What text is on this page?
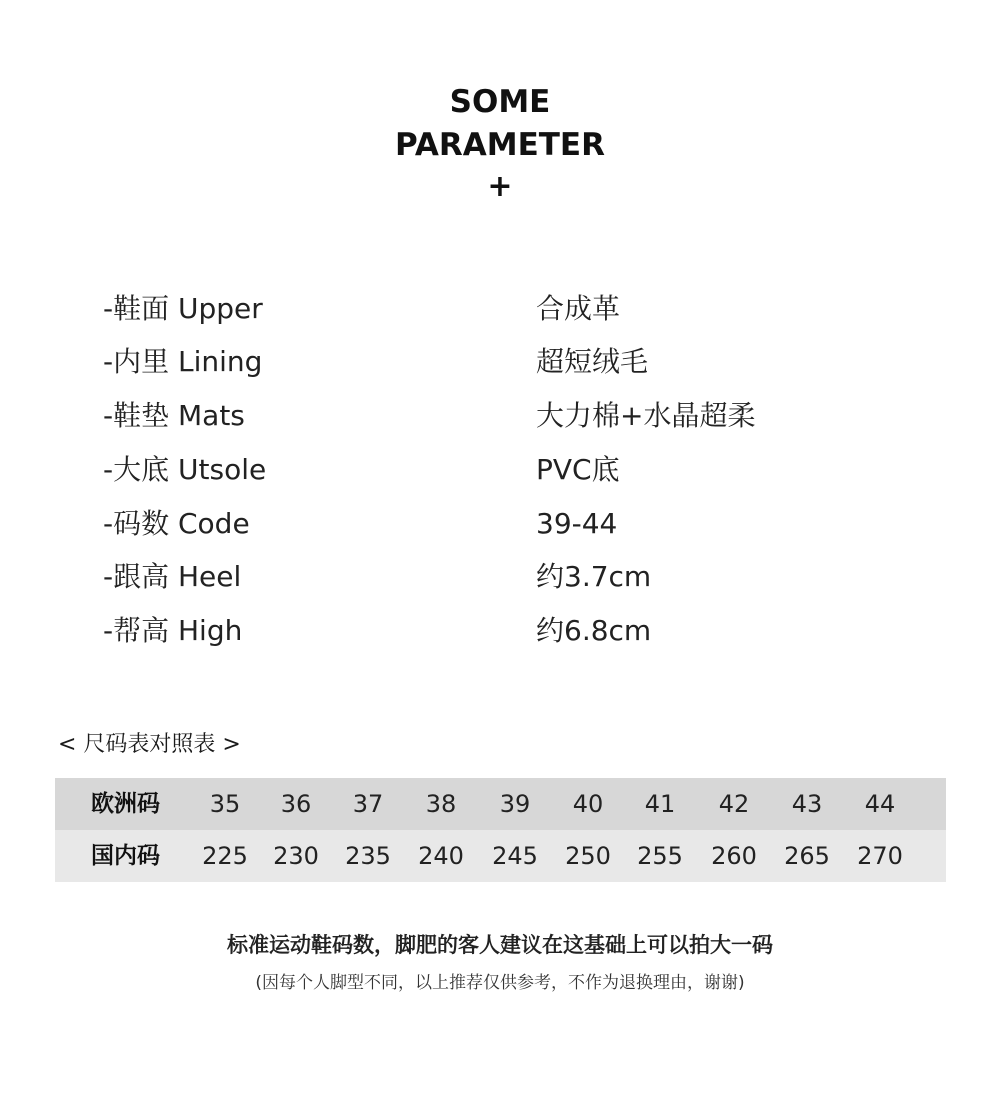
SOME
PARAMETER
+
-鞋面 Upper	合成革
-内里 Lining	超短绒毛
-鞋垫 Mats	大力棉+水晶超柔
-大底 Utsole	PVC底
-码数 Code	39-44
-跟高 Heel	约3.7cm
-帮高 High	约6.8cm
< 尺码表对照表 >
欧洲码	35	36	37	38	39	40	41	42	43	44
国内码	225	230	235	240	245	250	255	260	265	270
标准运动鞋码数，脚肥的客人建议在这基础上可以拍大一码
(因每个人脚型不同，以上推荐仅供参考，不作为退换理由，谢谢)
